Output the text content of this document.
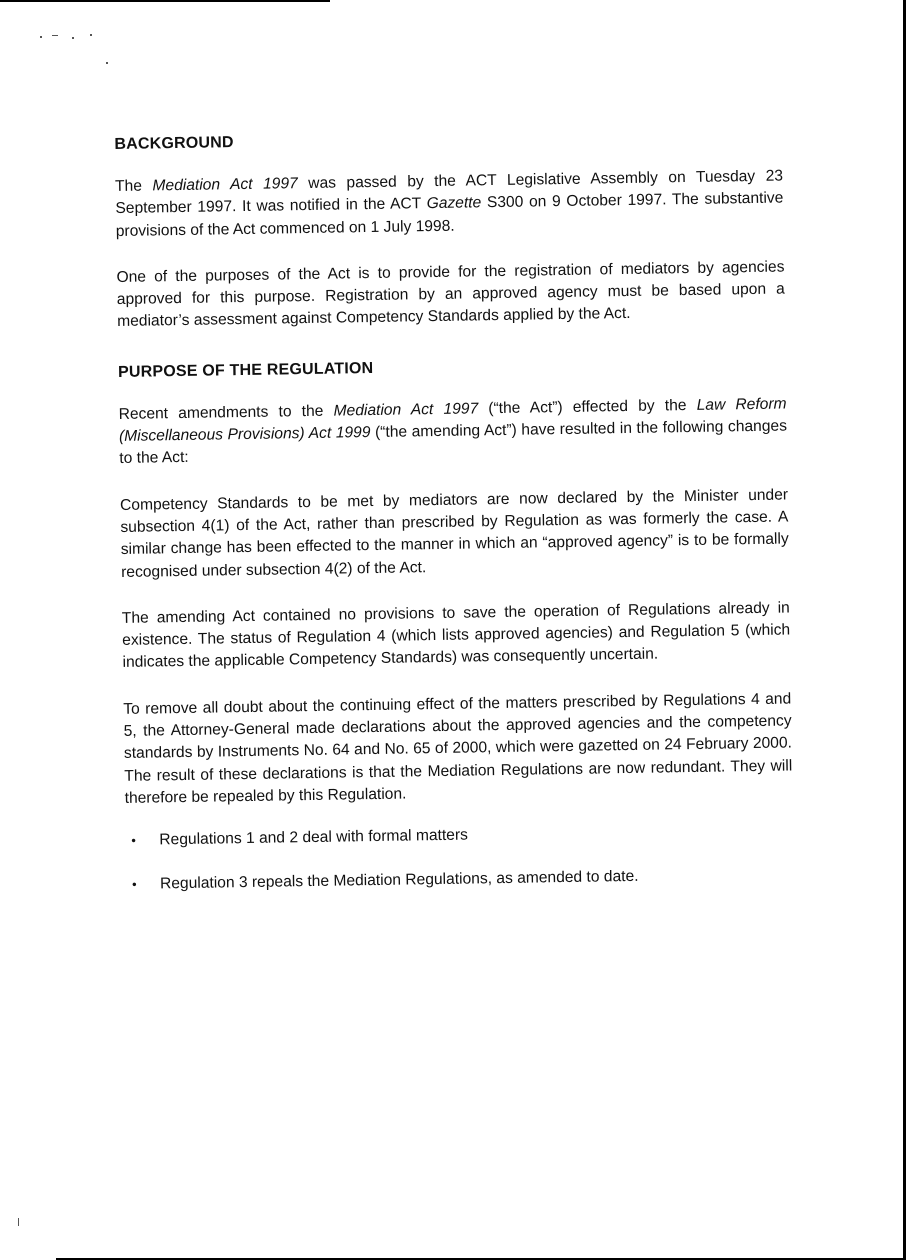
BACKGROUND

The Mediation Act 1997 was passed by the ACT Legislative Assembly on Tuesday 23 September 1997. It was notified in the ACT Gazette S300 on 9 October 1997. The substantive provisions of the Act commenced on 1 July 1998.

One of the purposes of the Act is to provide for the registration of mediators by agencies approved for this purpose. Registration by an approved agency must be based upon a mediator’s assessment against Competency Standards applied by the Act.

PURPOSE OF THE REGULATION

Recent amendments to the Mediation Act 1997 (“the Act”) effected by the Law Reform (Miscellaneous Provisions) Act 1999 (“the amending Act”) have resulted in the following changes to the Act:

Competency Standards to be met by mediators are now declared by the Minister under subsection 4(1) of the Act, rather than prescribed by Regulation as was formerly the case. A similar change has been effected to the manner in which an “approved agency” is to be formally recognised under subsection 4(2) of the Act.

The amending Act contained no provisions to save the operation of Regulations already in existence. The status of Regulation 4 (which lists approved agencies) and Regulation 5 (which indicates the applicable Competency Standards) was consequently uncertain.

To remove all doubt about the continuing effect of the matters prescribed by Regulations 4 and 5, the Attorney-General made declarations about the approved agencies and the competency standards by Instruments No. 64 and No. 65 of 2000, which were gazetted on 24 February 2000. The result of these declarations is that the Mediation Regulations are now redundant. They will therefore be repealed by this Regulation.

• Regulations 1 and 2 deal with formal matters
• Regulation 3 repeals the Mediation Regulations, as amended to date.
